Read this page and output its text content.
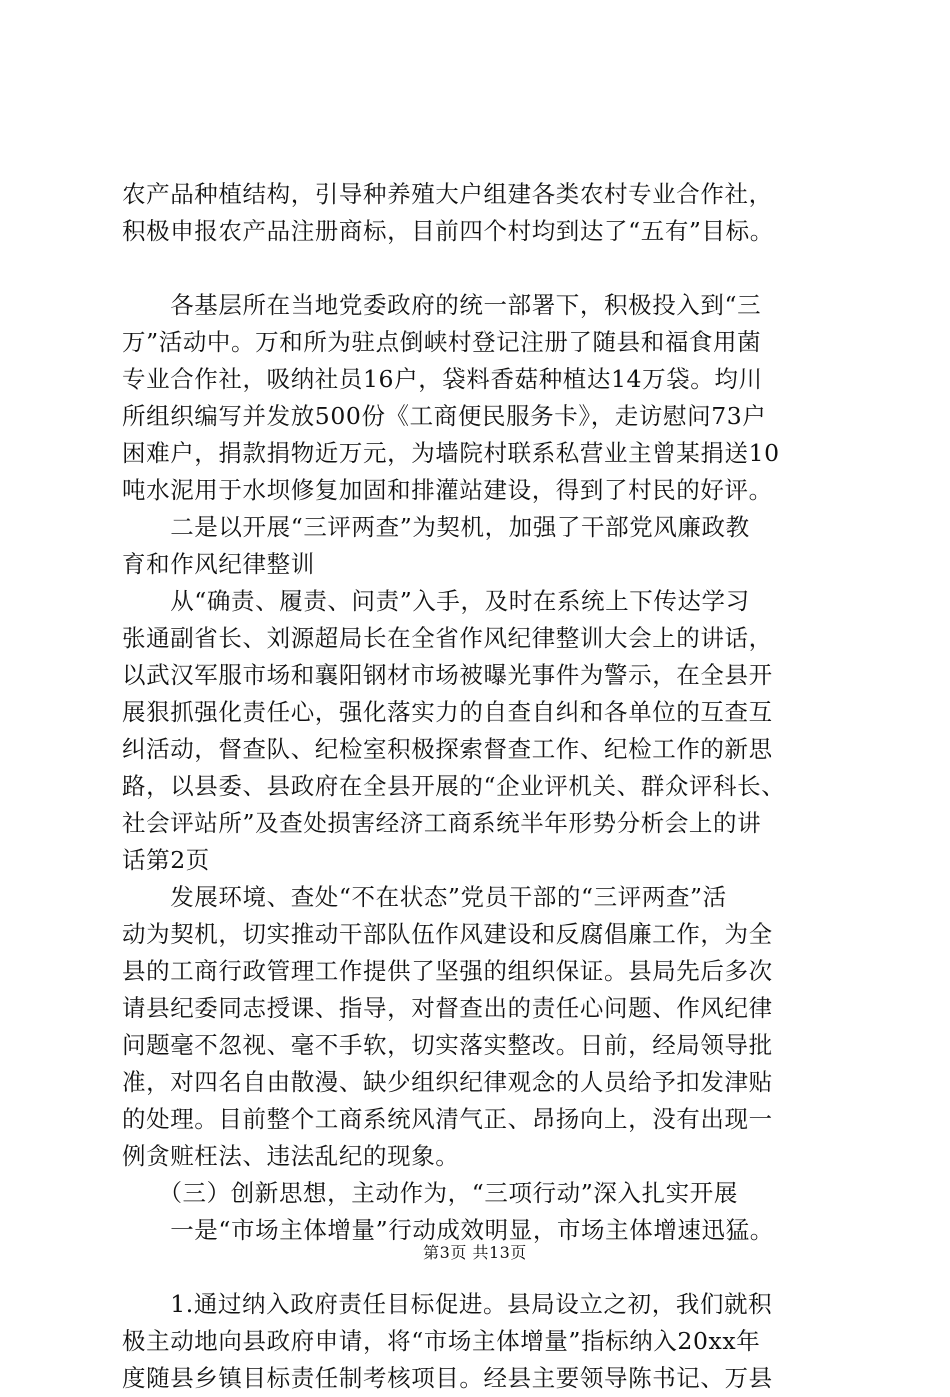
农产品种植结构，引导种养殖大户组建各类农村专业合作社，
积极申报农产品注册商标，目前四个村均到达了“五有”目标。
　　各基层所在当地党委政府的统一部署下，积极投入到“三
万”活动中。万和所为驻点倒峡村登记注册了随县和福食用菌
专业合作社，吸纳社员16户，袋料香菇种植达14万袋。均川
所组织编写并发放500份《工商便民服务卡》，走访慰问73户
困难户，捐款捐物近万元，为墙院村联系私营业主曾某捐送10
吨水泥用于水坝修复加固和排灌站建设，得到了村民的好评。
　　二是以开展“三评两查”为契机，加强了干部党风廉政教
育和作风纪律整训
　　从“确责、履责、问责”入手，及时在系统上下传达学习
张通副省长、刘源超局长在全省作风纪律整训大会上的讲话，
以武汉军服市场和襄阳钢材市场被曝光事件为警示，在全县开
展狠抓强化责任心，强化落实力的自查自纠和各单位的互查互
纠活动，督查队、纪检室积极探索督查工作、纪检工作的新思
路，以县委、县政府在全县开展的“企业评机关、群众评科长、
社会评站所”及查处损害经济工商系统半年形势分析会上的讲
话第2页
　　发展环境、查处“不在状态”党员干部的“三评两查”活
动为契机，切实推动干部队伍作风建设和反腐倡廉工作，为全
县的工商行政管理工作提供了坚强的组织保证。县局先后多次
请县纪委同志授课、指导，对督查出的责任心问题、作风纪律
问题毫不忽视、毫不手软，切实落实整改。日前，经局领导批
准，对四名自由散漫、缺少组织纪律观念的人员给予扣发津贴
的处理。目前整个工商系统风清气正、昂扬向上，没有出现一
例贪赃枉法、违法乱纪的现象。
　　（三）创新思想，主动作为，“三项行动”深入扎实开展
　　一是“市场主体增量”行动成效明显，市场主体增速迅猛。
　　1.通过纳入政府责任目标促进。县局设立之初，我们就积
极主动地向县政府申请，将“市场主体增量”指标纳入20xx年
度随县乡镇目标责任制考核项目。经县主要领导陈书记、万县
第3页 共13页
